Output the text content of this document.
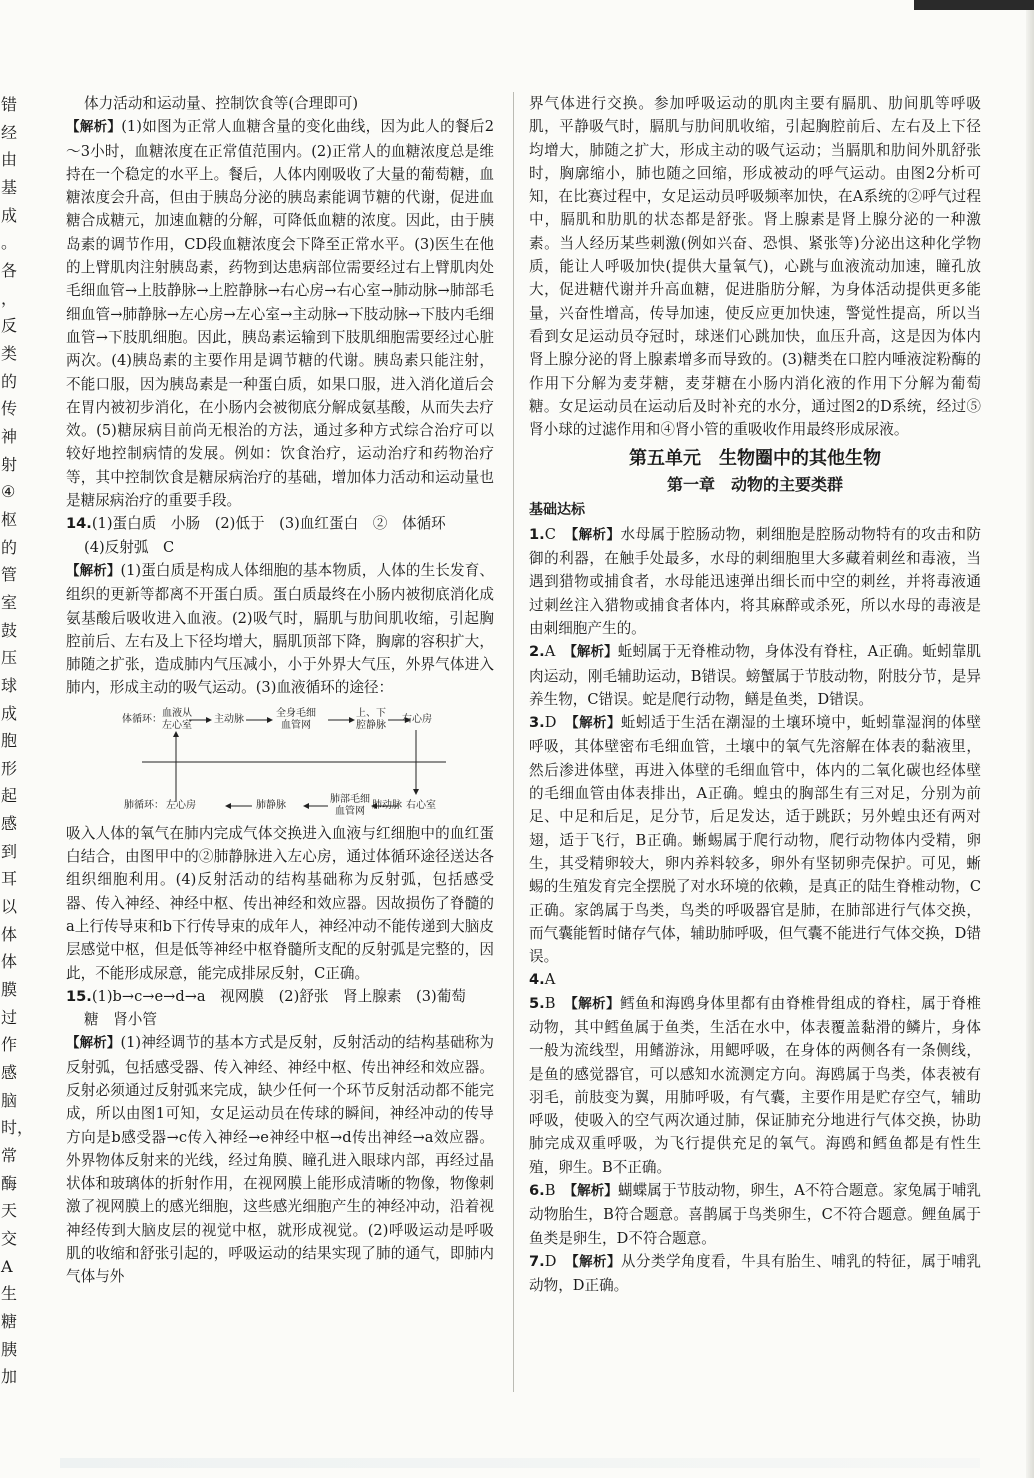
错
经
由
基
成
。
各
，
反
类
的
传
神
射
④
枢
的
管
室
鼓
压
球
成
胞
形
起
感
到
耳
以
体
体
膜
过
作
感
脑
时，
常
酶
天
交
A
生
糖
胰
加

体力活动和运动量、控制饮食等(合理即可)

【 解析 】 (1)如图为正常人血糖含量的变化曲线，因为此人的餐后2～3小时，血糖浓度在正常值范围内。(2)正常人的血糖浓度总是维持在一个稳定的水平上。餐后，人体内刚吸收了大量的葡萄糖，血糖浓度会升高，但由于胰岛分泌的胰岛素能调节糖的代谢，促进血糖合成糖元，加速血糖的分解，可降低血糖的浓度。因此，由于胰岛素的调节作用，CD段血糖浓度会下降至正常水平。(3)医生在他的上臂肌肉注射胰岛素，药物到达患病部位需要经过右上臂肌肉处毛细血管→上肢静脉→上腔静脉→右心房→右心室→肺动脉→肺部毛细血管→肺静脉→左心房→左心室→主动脉→下肢动脉→下肢内毛细血管→下肢肌细胞。因此，胰岛素运输到下肢肌细胞需要经过心脏两次。(4)胰岛素的主要作用是调节糖的代谢。胰岛素只能注射，不能口服，因为胰岛素是一种蛋白质，如果口服，进入消化道后会在胃内被初步消化，在小肠内会被彻底分解成氨基酸，从而失去疗效。(5)糖尿病目前尚无根治的方法，通过多种方式综合治疗可以较好地控制病情的发展。例如：饮食治疗，运动治疗和药物治疗等，其中控制饮食是糖尿病治疗的基础，增加体力活动和运动量也是糖尿病治疗的重要手段。

14.(1)蛋白质　小肠　(2)低于　(3)血红蛋白　②　体循环

(4)反射弧　C

【 解析 】 (1)蛋白质是构成人体细胞的基本物质，人体的生长发育、组织的更新等都离不开蛋白质。蛋白质最终在小肠内被彻底消化成氨基酸后吸收进入血液。(2)吸气时，膈肌与肋间肌收缩，引起胸腔前后、左右及上下径均增大，膈肌顶部下降，胸廓的容积扩大，肺随之扩张，造成肺内气压减小，小于外界大气压，外界气体进入肺内，形成主动的吸气运动。(3)血液循环的途径：

体循环：
血液从
左心室
主动脉
全身毛细
血管网
上、下
腔静脉
右心房
肺循环： 左心房	肺静脉
肺部毛细
血管网
肺动脉 右心室

吸入人体的氧气在肺内完成气体交换进入血液与红细胞中的血红蛋白结合，由图甲中的②肺静脉进入左心房，通过体循环途径送达各组织细胞利用。(4)反射活动的结构基础称为反射弧，包括感受器、传入神经、神经中枢、传出神经和效应器。因故损伤了脊髓的a上行传导束和b下行传导束的成年人，神经冲动不能传递到大脑皮层感觉中枢，但是低等神经中枢脊髓所支配的反射弧是完整的，因此，不能形成尿意，能完成排尿反射，C正确。

15.(1)b→c→e→d→a　视网膜　(2)舒张　肾上腺素　(3)葡萄

糖　肾小管

【 解析 】 (1)神经调节的基本方式是反射，反射活动的结构基础称为反射弧，包括感受器、传入神经、神经中枢、传出神经和效应器。反射必须通过反射弧来完成，缺少任何一个环节反射活动都不能完成，所以由图1可知，女足运动员在传球的瞬间，神经冲动的传导方向是b感受器→c传入神经→e神经中枢→d传出神经→a效应器。外界物体反射来的光线，经过角膜、瞳孔进入眼球内部，再经过晶状体和玻璃体的折射作用，在视网膜上能形成清晰的物像，物像刺激了视网膜上的感光细胞，这些感光细胞产生的神经冲动，沿着视神经传到大脑皮层的视觉中枢，就形成视觉。(2)呼吸运动是呼吸肌的收缩和舒张引起的，呼吸运动的结果实现了肺的通气，即肺内气体与外

界气体进行交换。参加呼吸运动的肌肉主要有膈肌、肋间肌等呼吸肌，平静吸气时，膈肌与肋间肌收缩，引起胸腔前后、左右及上下径均增大，肺随之扩大，形成主动的吸气运动；当膈肌和肋间外肌舒张时，胸廓缩小，肺也随之回缩，形成被动的呼气运动。由图2分析可知，在比赛过程中，女足运动员呼吸频率加快，在A系统的②呼气过程中，膈肌和肋肌的状态都是舒张。肾上腺素是肾上腺分泌的一种激素。当人经历某些刺激(例如兴奋、恐惧、紧张等)分泌出这种化学物质，能让人呼吸加快(提供大量氧气)，心跳与血液流动加速，瞳孔放大，促进糖代谢并升高血糖，促进脂肪分解，为身体活动提供更多能量，兴奋性增高，传导加速，使反应更加快速，警觉性提高，所以当看到女足运动员夺冠时，球迷们心跳加快，血压升高，这是因为体内肾上腺分泌的肾上腺素增多而导致的。(3)糖类在口腔内唾液淀粉酶的作用下分解为麦芽糖，麦芽糖在小肠内消化液的作用下分解为葡萄糖。女足运动员在运动后及时补充的水分，通过图2的D系统，经过⑤肾小球的过滤作用和④肾小管的重吸收作用最终形成尿液。

第五单元　生物圈中的其他生物
第一章　动物的主要类群
基础达标

1.C　 【 解析 】 水母属于腔肠动物，刺细胞是腔肠动物特有的攻击和防御的利器，在触手处最多，水母的刺细胞里大多藏着刺丝和毒液，当遇到猎物或捕食者，水母能迅速弹出细长而中空的刺丝，并将毒液通过刺丝注入猎物或捕食者体内，将其麻醉或杀死，所以水母的毒液是由刺细胞产生的。

2.A　 【 解析 】 蚯蚓属于无脊椎动物，身体没有脊柱，A正确。蚯蚓靠肌肉运动，刚毛辅助运动，B错误。螃蟹属于节肢动物，附肢分节，是异养生物，C错误。蛇是爬行动物，鳝是鱼类，D错误。

3.D　 【 解析 】 蚯蚓适于生活在潮湿的土壤环境中，蚯蚓靠湿润的体壁呼吸，其体壁密布毛细血管，土壤中的氧气先溶解在体表的黏液里，然后渗进体壁，再进入体壁的毛细血管中，体内的二氧化碳也经体壁的毛细血管由体表排出，A正确。蝗虫的胸部生有三对足，分别为前足、中足和后足，足分节，后足发达，适于跳跃；另外蝗虫还有两对翅，适于飞行，B正确。蜥蜴属于爬行动物，爬行动物体内受精，卵生，其受精卵较大，卵内养料较多，卵外有坚韧卵壳保护。可见，蜥蜴的生殖发育完全摆脱了对水环境的依赖，是真正的陆生脊椎动物，C正确。家鸽属于鸟类，鸟类的呼吸器官是肺，在肺部进行气体交换，而气囊能暂时储存气体，辅助肺呼吸，但气囊不能进行气体交换，D错误。

4.A

5.B　 【 解析 】 鳕鱼和海鸥身体里都有由脊椎骨组成的脊柱，属于脊椎动物，其中鳕鱼属于鱼类，生活在水中，体表覆盖黏滑的鳞片，身体一般为流线型，用鳍游泳，用鳃呼吸，在身体的两侧各有一条侧线，是鱼的感觉器官，可以感知水流测定方向。海鸥属于鸟类，体表被有羽毛，前肢变为翼，用肺呼吸，有气囊，主要作用是贮存空气，辅助呼吸，使吸入的空气两次通过肺，保证肺充分地进行气体交换，协助肺完成双重呼吸，为飞行提供充足的氧气。海鸥和鳕鱼都是有性生殖，卵生。B不正确。

6.B　 【 解析 】 蝴蝶属于节肢动物，卵生，A不符合题意。家兔属于哺乳动物胎生，B符合题意。喜鹊属于鸟类卵生，C不符合题意。鲤鱼属于鱼类是卵生，D不符合题意。

7.D　 【 解析 】 从分类学角度看，牛具有胎生、哺乳的特征，属于哺乳动物，D正确。
